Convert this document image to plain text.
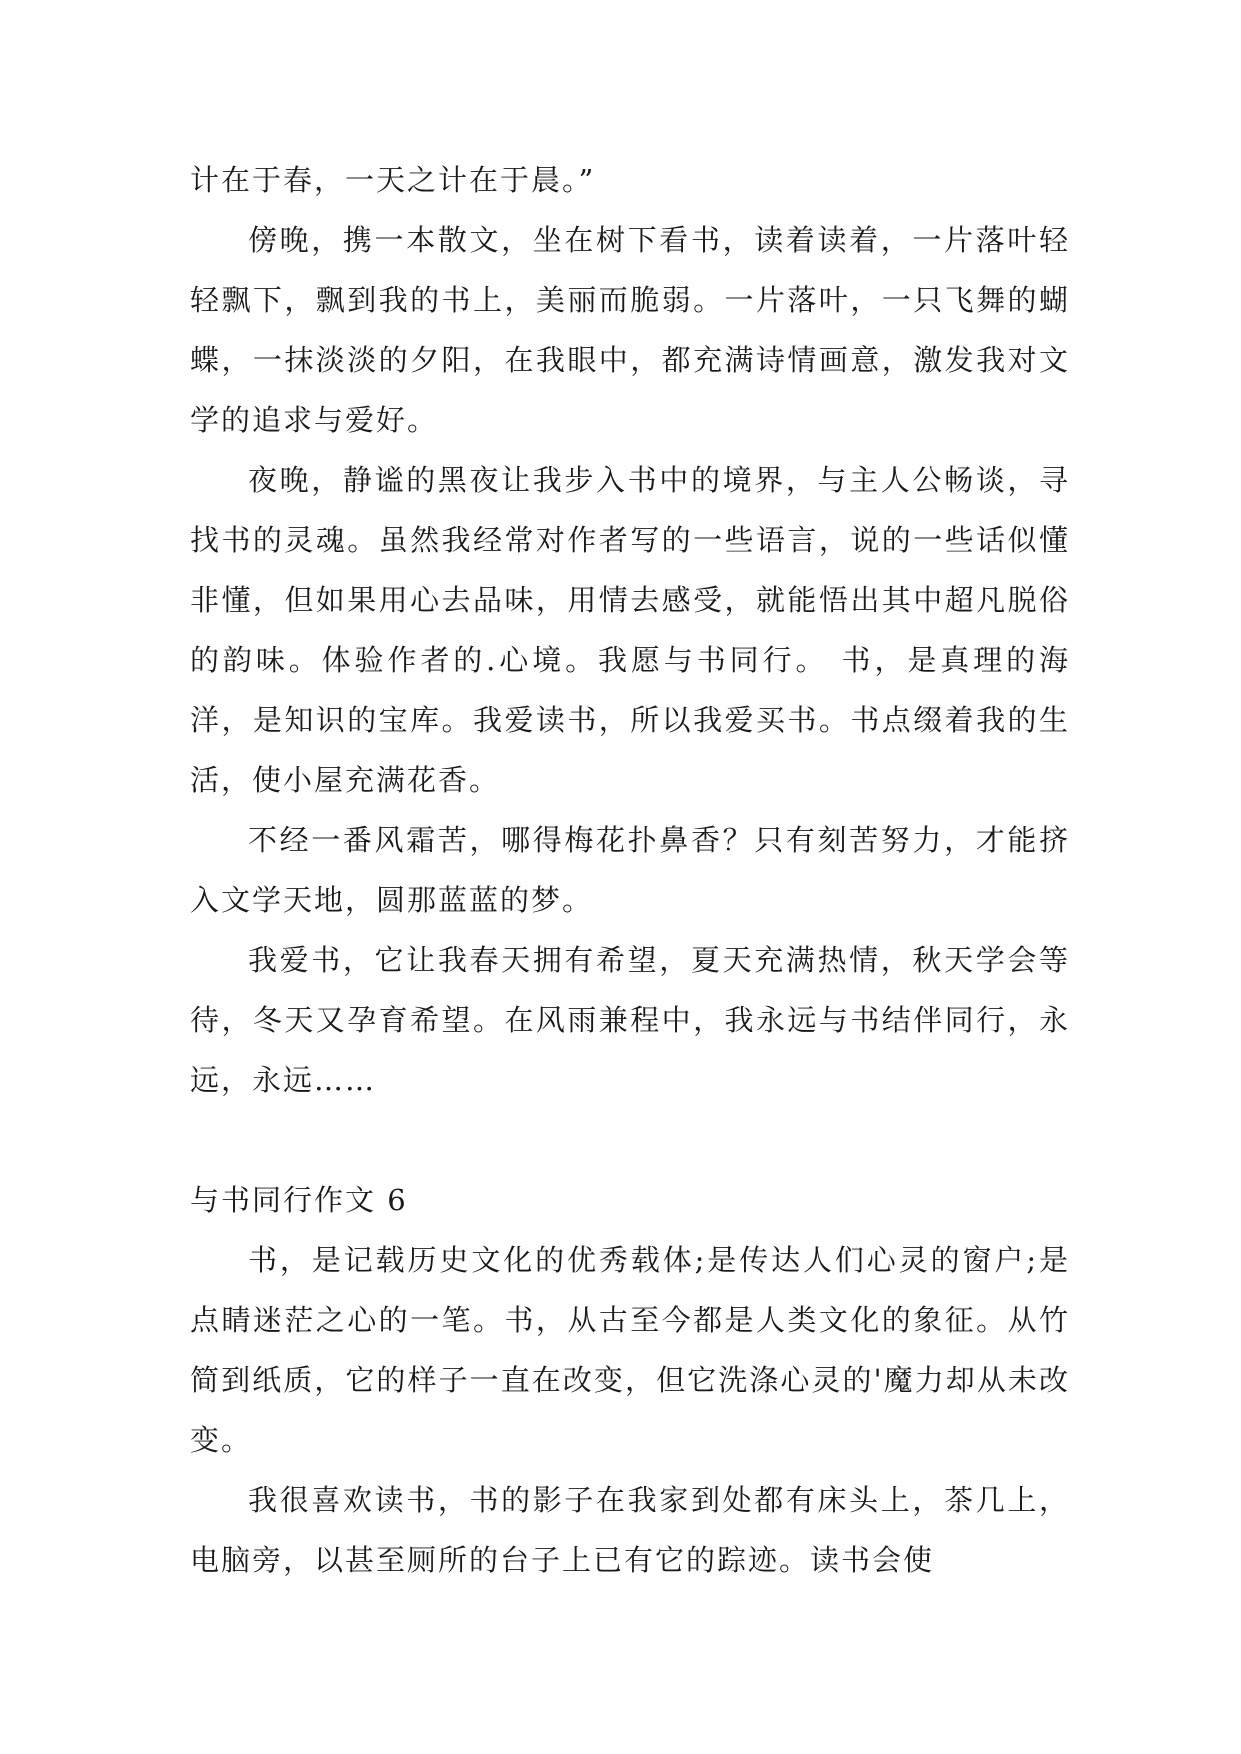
计在于春，一天之计在于晨。”

傍晚，携一本散文，坐在树下看书，读着读着，一片落叶轻轻飘下，飘到我的书上，美丽而脆弱。一片落叶，一只飞舞的蝴蝶，一抹淡淡的夕阳，在我眼中，都充满诗情画意，激发我对文学的追求与爱好。

夜晚，静谧的黑夜让我步入书中的境界，与主人公畅谈，寻找书的灵魂。虽然我经常对作者写的一些语言，说的一些话似懂非懂，但如果用心去品味，用情去感受，就能悟出其中超凡脱俗的韵味。体验作者的.心境。我愿与书同行。 书，是真理的海洋，是知识的宝库。我爱读书，所以我爱买书。书点缀着我的生活，使小屋充满花香。

不经一番风霜苦，哪得梅花扑鼻香？只有刻苦努力，才能挤入文学天地，圆那蓝蓝的梦。

我爱书，它让我春天拥有希望，夏天充满热情，秋天学会等待，冬天又孕育希望。在风雨兼程中，我永远与书结伴同行，永远，永远……

与书同行作文 6

书，是记载历史文化的优秀载体;是传达人们心灵的窗户;是点睛迷茫之心的一笔。书，从古至今都是人类文化的象征。从竹简到纸质，它的样子一直在改变，但它洗涤心灵的'魔力却从未改变。

我很喜欢读书，书的影子在我家到处都有床头上，茶几上，电脑旁，以甚至厕所的台子上已有它的踪迹。读书会使
